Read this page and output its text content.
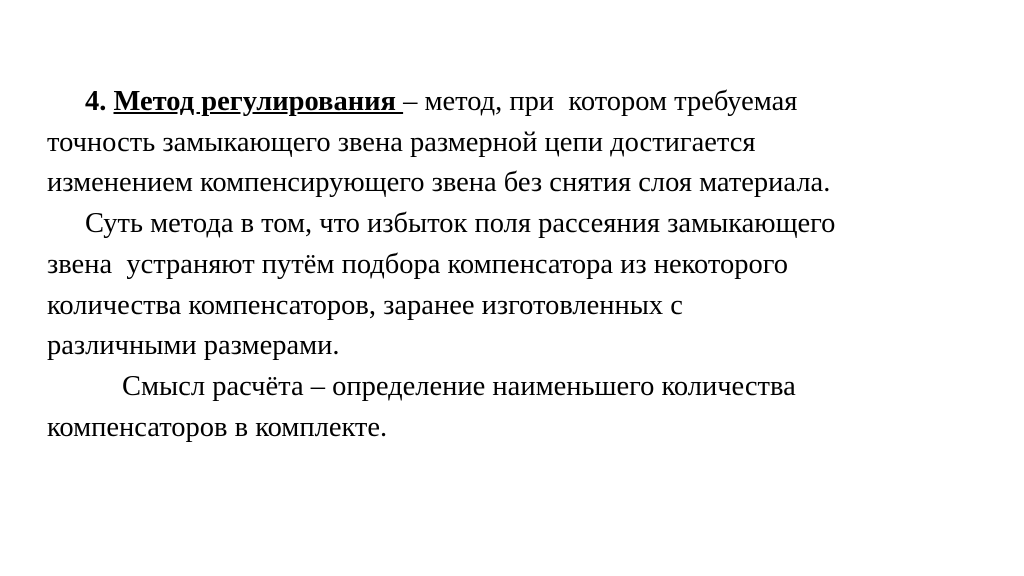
4. Метод регулирования – метод, при  котором требуемая
точность замыкающего звена размерной цепи достигается
изменением компенсирующего звена без снятия слоя материала.
Суть метода в том, что избыток поля рассеяния замыкающего
звена  устраняют путём подбора компенсатора из некоторого
количества компенсаторов, заранее изготовленных с
различными размерами.
Смысл расчёта – определение наименьшего количества
компенсаторов в комплекте.
